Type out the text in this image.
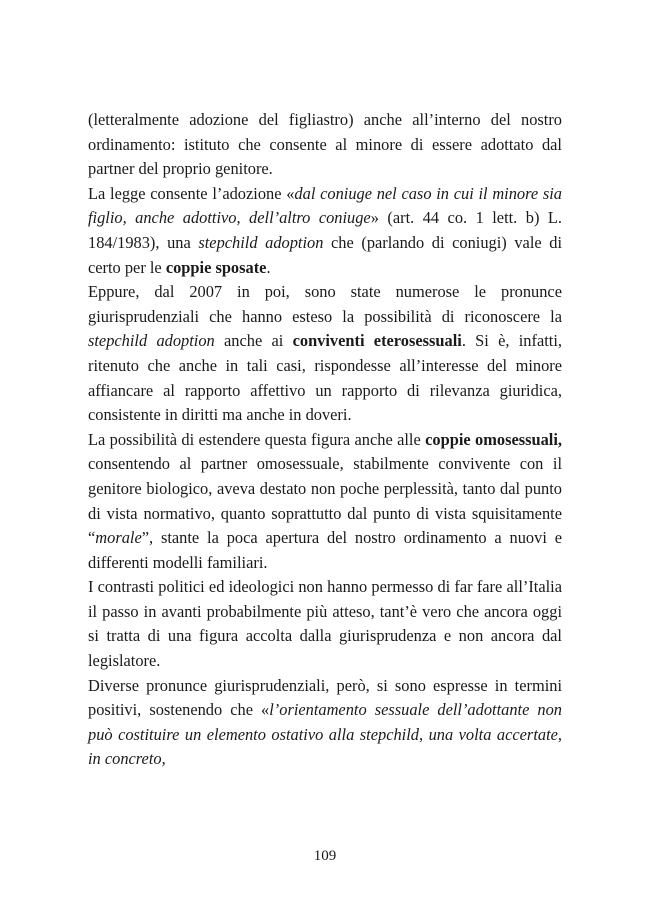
(letteralmente adozione del figliastro) anche all’interno del nostro ordinamento: istituto che consente al minore di essere adottato dal partner del proprio genitore.

La legge consente l’adozione «dal coniuge nel caso in cui il minore sia figlio, anche adottivo, dell’altro coniuge» (art. 44 co. 1 lett. b) L. 184/1983), una stepchild adoption che (parlando di coniugi) vale di certo per le coppie sposate.

Eppure, dal 2007 in poi, sono state numerose le pronunce giurisprudenziali che hanno esteso la possibilità di riconoscere la stepchild adoption anche ai conviventi eterosessuali. Si è, infatti, ritenuto che anche in tali casi, rispondesse all’interesse del minore affiancare al rapporto affettivo un rapporto di rilevanza giuridica, consistente in diritti ma anche in doveri.

La possibilità di estendere questa figura anche alle coppie omosessuali, consentendo al partner omosessuale, stabilmente convivente con il genitore biologico, aveva destato non poche perplessità, tanto dal punto di vista normativo, quanto soprattutto dal punto di vista squisitamente “morale”, stante la poca apertura del nostro ordinamento a nuovi e differenti modelli familiari.

I contrasti politici ed ideologici non hanno permesso di far fare all’Italia il passo in avanti probabilmente più atteso, tant’è vero che ancora oggi si tratta di una figura accolta dalla giurisprudenza e non ancora dal legislatore.

Diverse pronunce giurisprudenziali, però, si sono espresse in termini positivi, sostenendo che «l’orientamento sessuale dell’adottante non può costituire un elemento ostativo alla stepchild, una volta accertate, in concreto,

109
